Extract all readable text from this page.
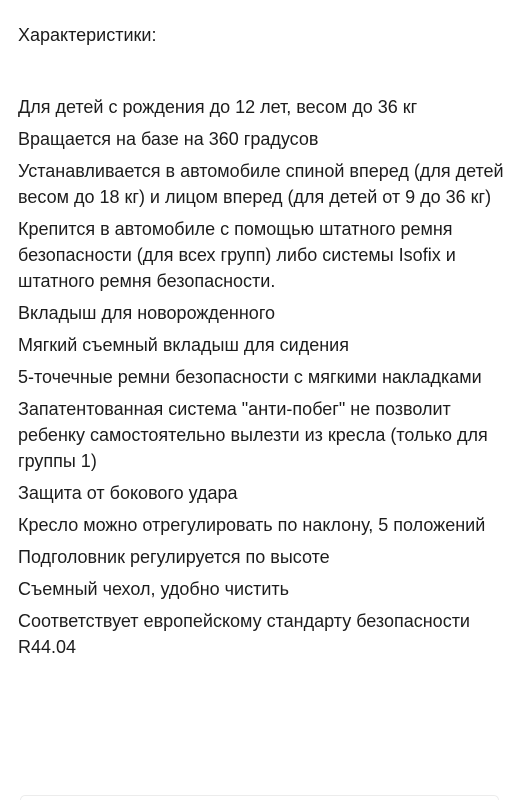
Характеристики:

Для детей с рождения до 12 лет, весом до 36 кг
Вращается на базе на 360 градусов
Устанавливается в автомобиле спиной вперед (для детей весом до 18 кг) и лицом вперед (для детей от 9 до 36 кг)
Крепится в автомобиле с помощью штатного ремня безопасности (для всех групп) либо системы Isofix и штатного ремня безопасности.
Вкладыш для новорожденного
Мягкий съемный вкладыш для сидения
5-точечные ремни безопасности с мягкими накладками
Запатентованная система "анти-побег" не позволит ребенку самостоятельно вылезти из кресла (только для группы 1)
Защита от бокового удара
Кресло можно отрегулировать по наклону, 5 положений
Подголовник регулируется по высоте
Съемный чехол, удобно чистить
Соответствует европейскому стандарту безопасности R44.04
